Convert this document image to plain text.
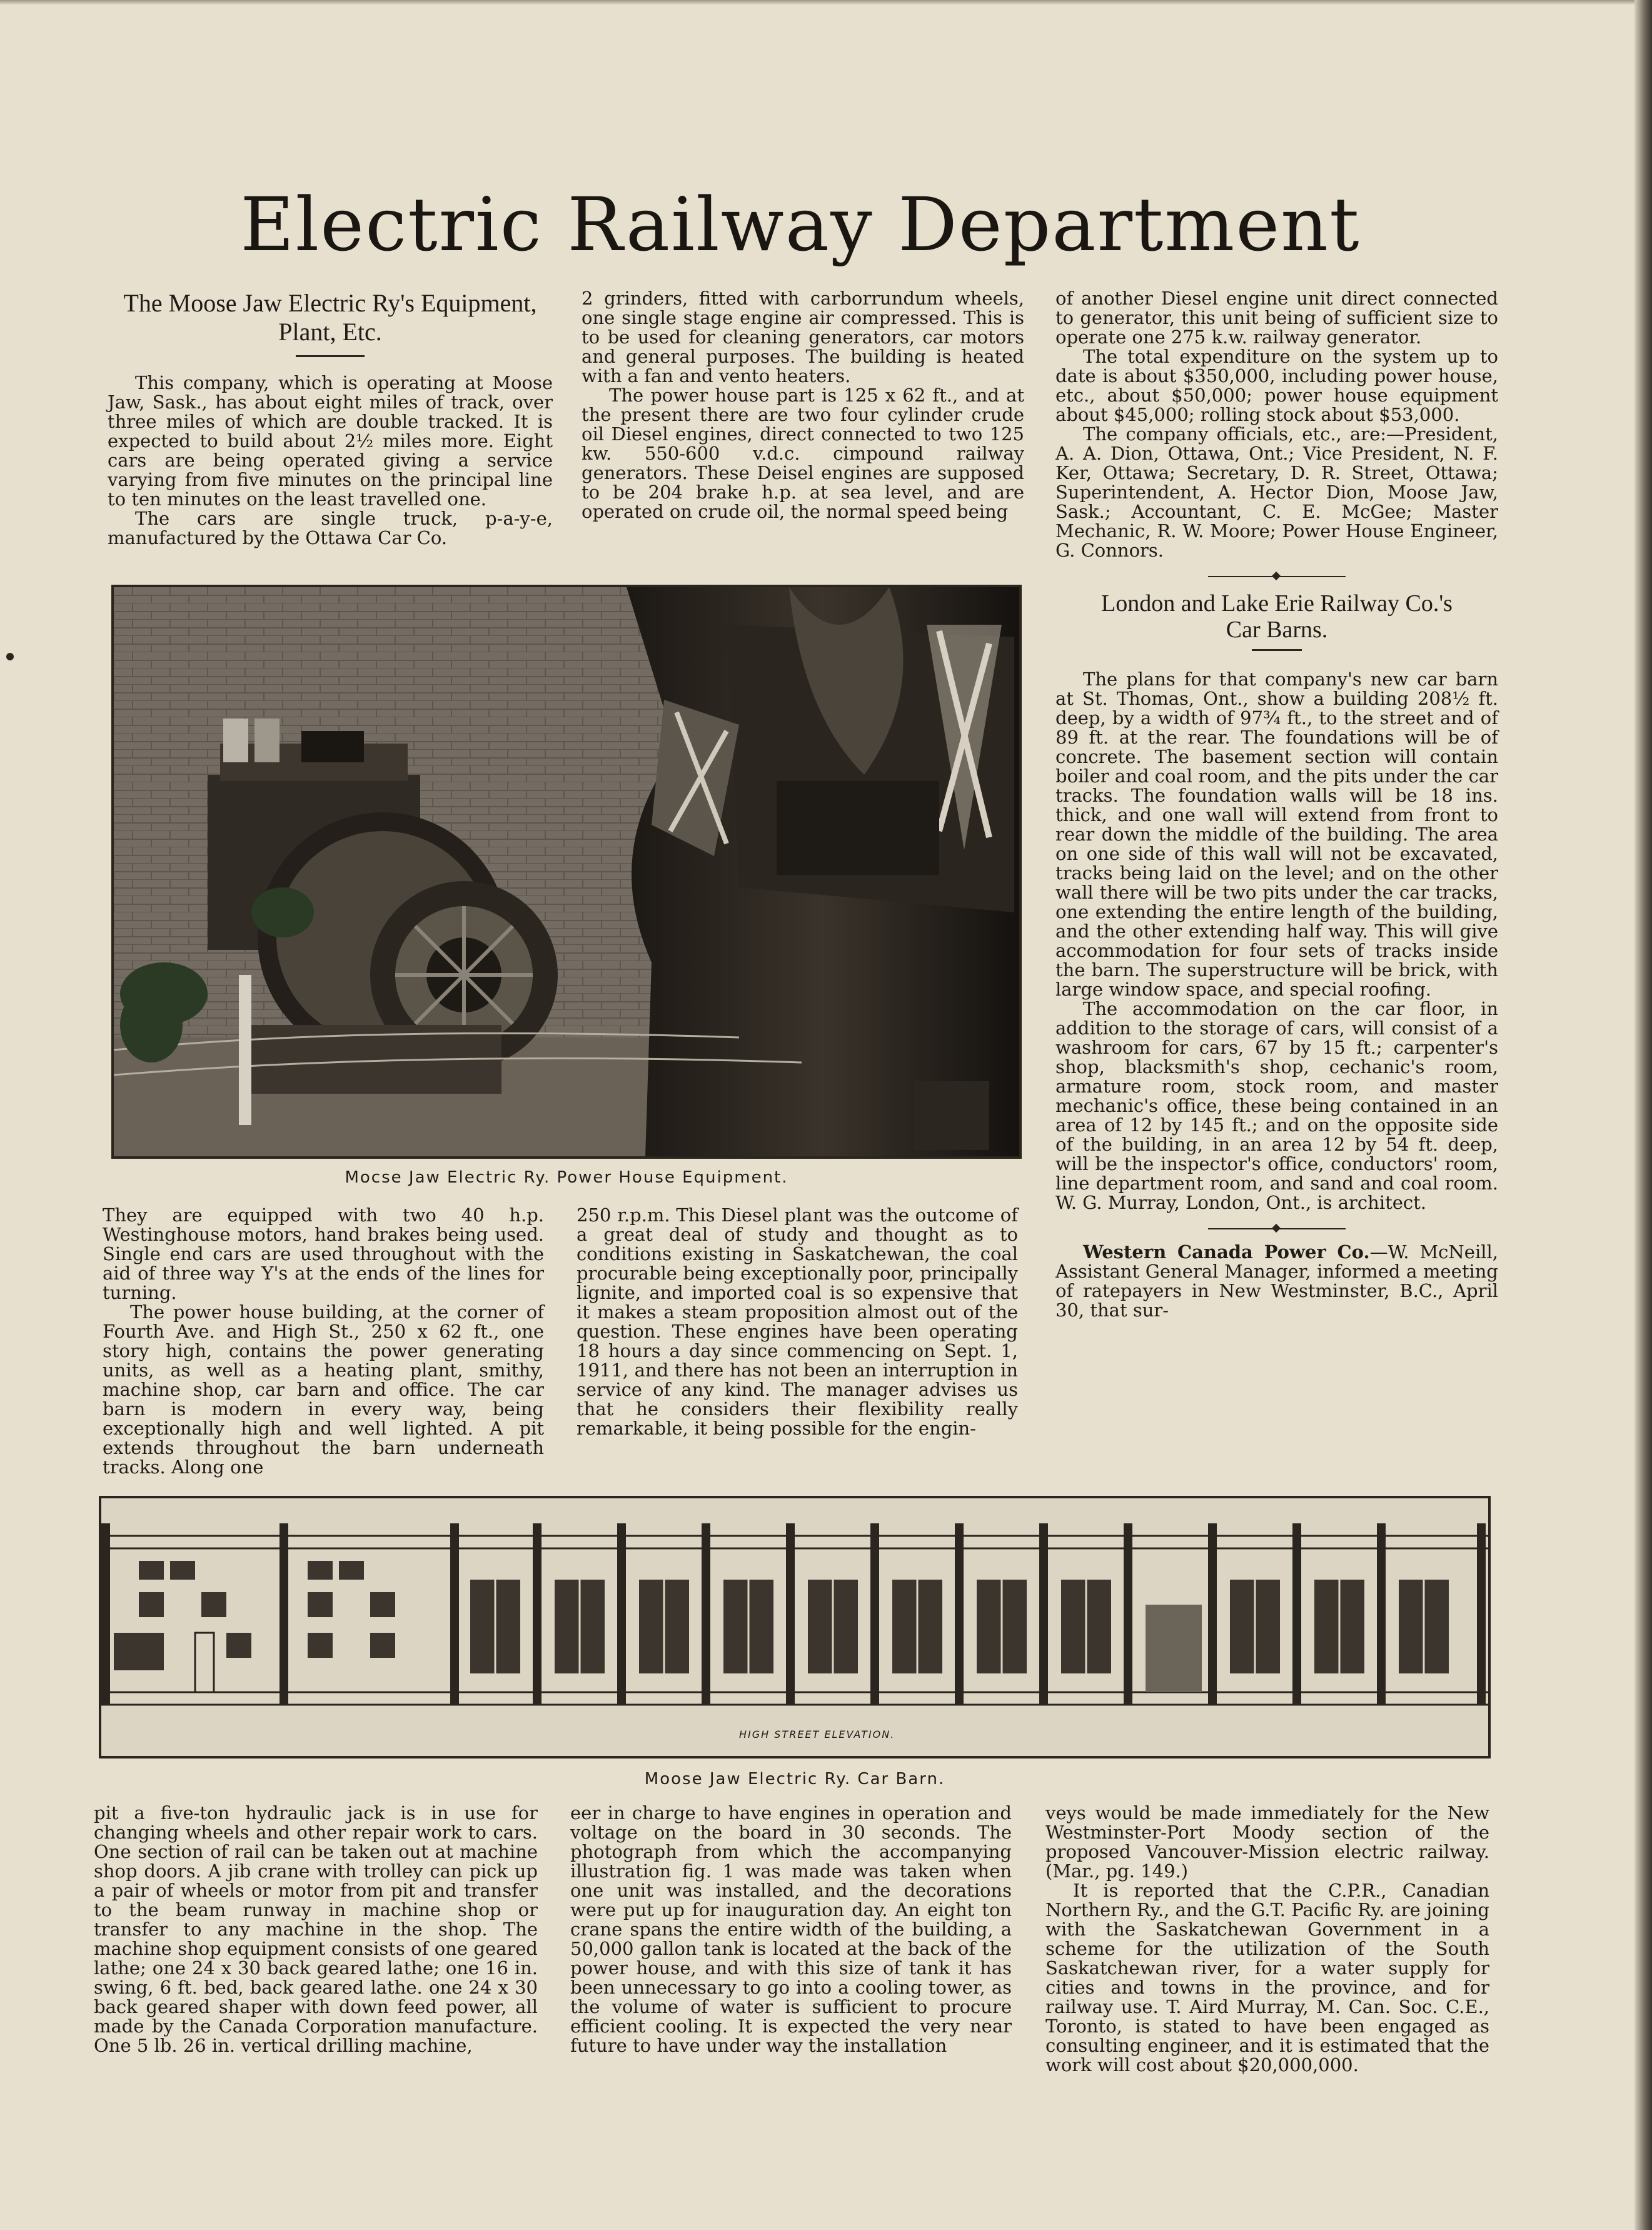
Electric Railway Department
The Moose Jaw Electric Ry's Equipment, Plant, Etc.

This company, which is operating at Moose Jaw, Sask., has about eight miles of track, over three miles of which are double tracked. It is expected to build about 2½ miles more. Eight cars are being operated giving a service varying from five minutes on the principal line to ten minutes on the least travelled one.

The cars are single truck, p-a-y-e, manufactured by the Ottawa Car Co.

2 grinders, fitted with carborrundum wheels, one single stage engine air compressed. This is to be used for cleaning generators, car motors and general purposes. The building is heated with a fan and vento heaters.

The power house part is 125 x 62 ft., and at the present there are two four cylinder crude oil Diesel engines, direct connected to two 125 kw. 550-600 v.d.c. cimpound railway generators. These Deisel engines are supposed to be 204 brake h.p. at sea level, and are operated on crude oil, the normal speed being

of another Diesel engine unit direct connected to generator, this unit being of sufficient size to operate one 275 k.w. railway generator.

The total expenditure on the system up to date is about $350,000, including power house, etc., about $50,000; power house equipment about $45,000; rolling stock about $53,000.

The company officials, etc., are:—President, A. A. Dion, Ottawa, Ont.; Vice President, N. F. Ker, Ottawa; Secretary, D. R. Street, Ottawa; Superintendent, A. Hector Dion, Moose Jaw, Sask.; Accountant, C. E. McGee; Master Mechanic, R. W. Moore; Power House Engineer, G. Connors.

London and Lake Erie Railway Co.'s Car Barns.

The plans for that company's new car barn at St. Thomas, Ont., show a building 208½ ft. deep, by a width of 97¾ ft., to the street and of 89 ft. at the rear. The foundations will be of concrete. The basement section will contain boiler and coal room, and the pits under the car tracks. The foundation walls will be 18 ins. thick, and one wall will extend from front to rear down the middle of the building. The area on one side of this wall will not be excavated, tracks being laid on the level; and on the other wall there will be two pits under the car tracks, one extending the entire length of the building, and the other extending half way. This will give accommodation for four sets of tracks inside the barn. The superstructure will be brick, with large window space, and special roofing.

The accommodation on the car floor, in addition to the storage of cars, will consist of a washroom for cars, 67 by 15 ft.; carpenter's shop, blacksmith's shop, cechanic's room, armature room, stock room, and master mechanic's office, these being contained in an area of 12 by 145 ft.; and on the opposite side of the building, in an area 12 by 54 ft. deep, will be the inspector's office, conductors' room, line department room, and sand and coal room. W. G. Murray, London, Ont., is architect.

Western Canada Power Co.—W. McNeill, Assistant General Manager, informed a meeting of ratepayers in New Westminster, B.C., April 30, that sur-

Mocse Jaw Electric Ry. Power House Equipment.

They are equipped with two 40 h.p. Westinghouse motors, hand brakes being used. Single end cars are used throughout with the aid of three way Y's at the ends of the lines for turning.

The power house building, at the corner of Fourth Ave. and High St., 250 x 62 ft., one story high, contains the power generating units, as well as a heating plant, smithy, machine shop, car barn and office. The car barn is modern in every way, being exceptionally high and well lighted. A pit extends throughout the barn underneath tracks. Along one

250 r.p.m. This Diesel plant was the outcome of a great deal of study and thought as to conditions existing in Saskatchewan, the coal procurable being exceptionally poor, principally lignite, and imported coal is so expensive that it makes a steam proposition almost out of the question. These engines have been operating 18 hours a day since commencing on Sept. 1, 1911, and there has not been an interruption in service of any kind. The manager advises us that he considers their flexibility really remarkable, it being possible for the engin-

HIGH STREET ELEVATION.
Moose Jaw Electric Ry. Car Barn.

pit a five-ton hydraulic jack is in use for changing wheels and other repair work to cars. One section of rail can be taken out at machine shop doors. A jib crane with trolley can pick up a pair of wheels or motor from pit and transfer to the beam runway in machine shop or transfer to any machine in the shop. The machine shop equipment consists of one geared lathe; one 24 x 30 back geared lathe; one 16 in. swing, 6 ft. bed, back geared lathe. one 24 x 30 back geared shaper with down feed power, all made by the Canada Corporation manufacture. One 5 lb. 26 in. vertical drilling machine,

eer in charge to have engines in operation and voltage on the board in 30 seconds. The photograph from which the accompanying illustration fig. 1 was made was taken when one unit was installed, and the decorations were put up for inauguration day. An eight ton crane spans the entire width of the building, a 50,000 gallon tank is located at the back of the power house, and with this size of tank it has been unnecessary to go into a cooling tower, as the volume of water is sufficient to procure efficient cooling. It is expected the very near future to have under way the installation

veys would be made immediately for the New Westminster-Port Moody section of the proposed Vancouver-Mission electric railway. (Mar., pg. 149.)

It is reported that the C.P.R., Canadian Northern Ry., and the G.T. Pacific Ry. are joining with the Saskatchewan Government in a scheme for the utilization of the South Saskatchewan river, for a water supply for cities and towns in the province, and for railway use. T. Aird Murray, M. Can. Soc. C.E., Toronto, is stated to have been engaged as consulting engineer, and it is estimated that the work will cost about $20,000,000.
